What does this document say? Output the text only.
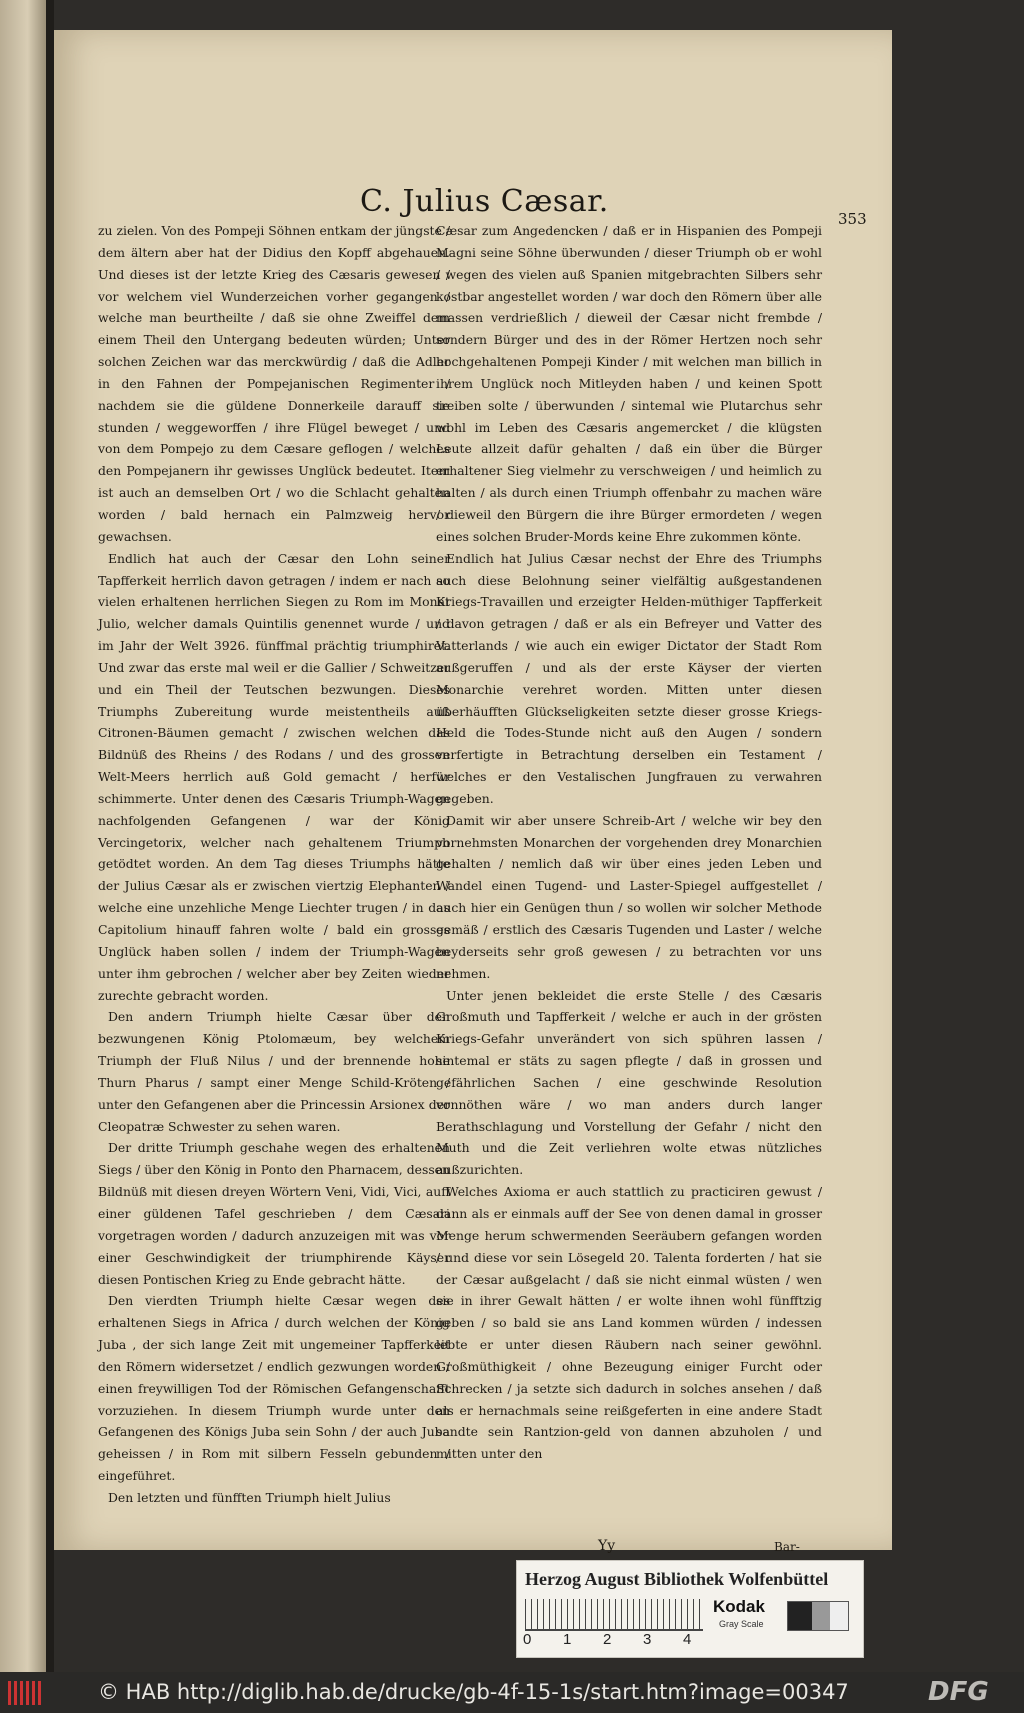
C. Julius Cæsar.	353

zu zielen. Von des Pompeji Söhnen entkam der jüngste / dem ältern aber hat der Didius den Kopff abgehauen. Und dieses ist der letzte Krieg des Cæsaris gewesen / vor welchem viel Wunderzeichen vorher gegangen / welche man beurtheilte / daß sie ohne Zweiffel dem einem Theil den Untergang bedeuten würden; Unter solchen Zeichen war das merckwürdig / daß die Adler in den Fahnen der Pompejanischen Regimenter / nachdem sie die güldene Donnerkeile darauff sie stunden / weggeworffen / ihre Flügel beweget / und von dem Pompejo zu dem Cæsare geflogen / welches den Pompejanern ihr gewisses Unglück bedeutet. Item ist auch an demselben Ort / wo die Schlacht gehalten worden / bald hernach ein Palmzweig hervor gewachsen.

Endlich hat auch der Cæsar den Lohn seiner Tapfferkeit herrlich davon getragen / indem er nach so vielen erhaltenen herrlichen Siegen zu Rom im Monat Julio, welcher damals Quintilis genennet wurde / und im Jahr der Welt 3926. fünffmal prächtig triumphiret. Und zwar das erste mal weil er die Gallier / Schweitzer und ein Theil der Teutschen bezwungen. Dieses Triumphs Zubereitung wurde meistentheils auß Citronen-Bäumen gemacht / zwischen welchen das Bildnüß des Rheins / des Rodans / und des grossen Welt-Meers herrlich auß Gold gemacht / herfür schimmerte. Unter denen des Cæsaris Triumph-Wagen nachfolgenden Gefangenen / war der König Vercingetorix, welcher nach gehaltenem Triumph getödtet worden. An dem Tag dieses Triumphs hätte der Julius Cæsar als er zwischen viertzig Elephanten / welche eine unzehliche Menge Liechter trugen / in das Capitolium hinauff fahren wolte / bald ein grosses Unglück haben sollen / indem der Triumph-Wagen unter ihm gebrochen / welcher aber bey Zeiten wieder zurechte gebracht worden.

Den andern Triumph hielte Cæsar über den bezwungenen König Ptolomæum, bey welchem Triumph der Fluß Nilus / und der brennende hohe Thurn Pharus / sampt einer Menge Schild-Kröten / unter den Gefangenen aber die Princessin Arsionex der Cleopatræ Schwester zu sehen waren.

Der dritte Triumph geschahe wegen des erhaltenen Siegs / über den König in Ponto den Pharnacem, dessen Bildnüß mit diesen dreyen Wörtern Veni, Vidi, Vici, auff einer güldenen Tafel geschrieben / dem Cæsari vorgetragen worden / dadurch anzuzeigen mit was vor einer Geschwindigkeit der triumphirende Käyser diesen Pontischen Krieg zu Ende gebracht hätte.

Den vierdten Triumph hielte Cæsar wegen des erhaltenen Siegs in Africa / durch welchen der König Juba , der sich lange Zeit mit ungemeiner Tapfferkeit den Römern widersetzet / endlich gezwungen worden / einen freywilligen Tod der Römischen Gefangenschafft vorzuziehen. In diesem Triumph wurde unter den Gefangenen des Königs Juba sein Sohn / der auch Juba geheissen / in Rom mit silbern Fesseln gebunden / eingeführet.

Den letzten und fünfften Triumph hielt Julius

Cæsar zum Angedencken / daß er in Hispanien des Pompeji Magni seine Söhne überwunden / dieser Triumph ob er wohl / wegen des vielen auß Spanien mitgebrachten Silbers sehr kostbar angestellet worden / war doch den Römern über alle massen verdrießlich / dieweil der Cæsar nicht frembde / sondern Bürger und des in der Römer Hertzen noch sehr hochgehaltenen Pompeji Kinder / mit welchen man billich in ihrem Unglück noch Mitleyden haben / und keinen Spott treiben solte / überwunden / sintemal wie Plutarchus sehr wohl im Leben des Cæsaris angemercket / die klügsten Leute allzeit dafür gehalten / daß ein über die Bürger erhaltener Sieg vielmehr zu verschweigen / und heimlich zu halten / als durch einen Triumph offenbahr zu machen wäre / dieweil den Bürgern die ihre Bürger ermordeten / wegen eines solchen Bruder-Mords keine Ehre zukommen könte.

Endlich hat Julius Cæsar nechst der Ehre des Triumphs auch diese Belohnung seiner vielfältig außgestandenen Kriegs-Travaillen und erzeigter Helden-müthiger Tapfferkeit / davon getragen / daß er als ein Befreyer und Vatter des Vatterlands / wie auch ein ewiger Dictator der Stadt Rom außgeruffen / und als der erste Käyser der vierten Monarchie verehret worden. Mitten unter diesen überhäufften Glückseligkeiten setzte dieser grosse Kriegs-Held die Todes-Stunde nicht auß den Augen / sondern verfertigte in Betrachtung derselben ein Testament / welches er den Vestalischen Jungfrauen zu verwahren gegeben.

Damit wir aber unsere Schreib-Art / welche wir bey den vornehmsten Monarchen der vorgehenden drey Monarchien gehalten / nemlich daß wir über eines jeden Leben und Wandel einen Tugend- und Laster-Spiegel auffgestellet / auch hier ein Genügen thun / so wollen wir solcher Methode gemäß / erstlich des Cæsaris Tugenden und Laster / welche beyderseits sehr groß gewesen / zu betrachten vor uns nehmen.

Unter jenen bekleidet die erste Stelle / des Cæsaris Großmuth und Tapfferkeit / welche er auch in der grösten Kriegs-Gefahr unverändert von sich spühren lassen / sintemal er stäts zu sagen pflegte / daß in grossen und gefährlichen Sachen / eine geschwinde Resolution vonnöthen wäre / wo man anders durch langer Berathschlagung und Vorstellung der Gefahr / nicht den Muth und die Zeit verliehren wolte etwas nützliches außzurichten.

Welches Axioma er auch stattlich zu practiciren gewust / dann als er einmals auff der See von denen damal in grosser Menge herum schwermenden Seeräubern gefangen worden / und diese vor sein Lösegeld 20. Talenta forderten / hat sie der Cæsar außgelacht / daß sie nicht einmal wüsten / wen sie in ihrer Gewalt hätten / er wolte ihnen wohl fünfftzig geben / so bald sie ans Land kommen würden / indessen lebte er unter diesen Räubern nach seiner gewöhnl. Großmüthigkeit / ohne Bezeugung einiger Furcht oder Schrecken / ja setzte sich dadurch in solches ansehen / daß als er hernachmals seine reißgeferten in eine andere Stadt sandte sein Rantzion-geld von dannen abzuholen / und mitten unter den

Yy	Bar-
Herzog August Bibliothek Wolfenbüttel
0 1 2 3 4
Kodak
Gray Scale
© HAB http://diglib.hab.de/drucke/gb-4f-15-1s/start.htm?image=00347	DFG
